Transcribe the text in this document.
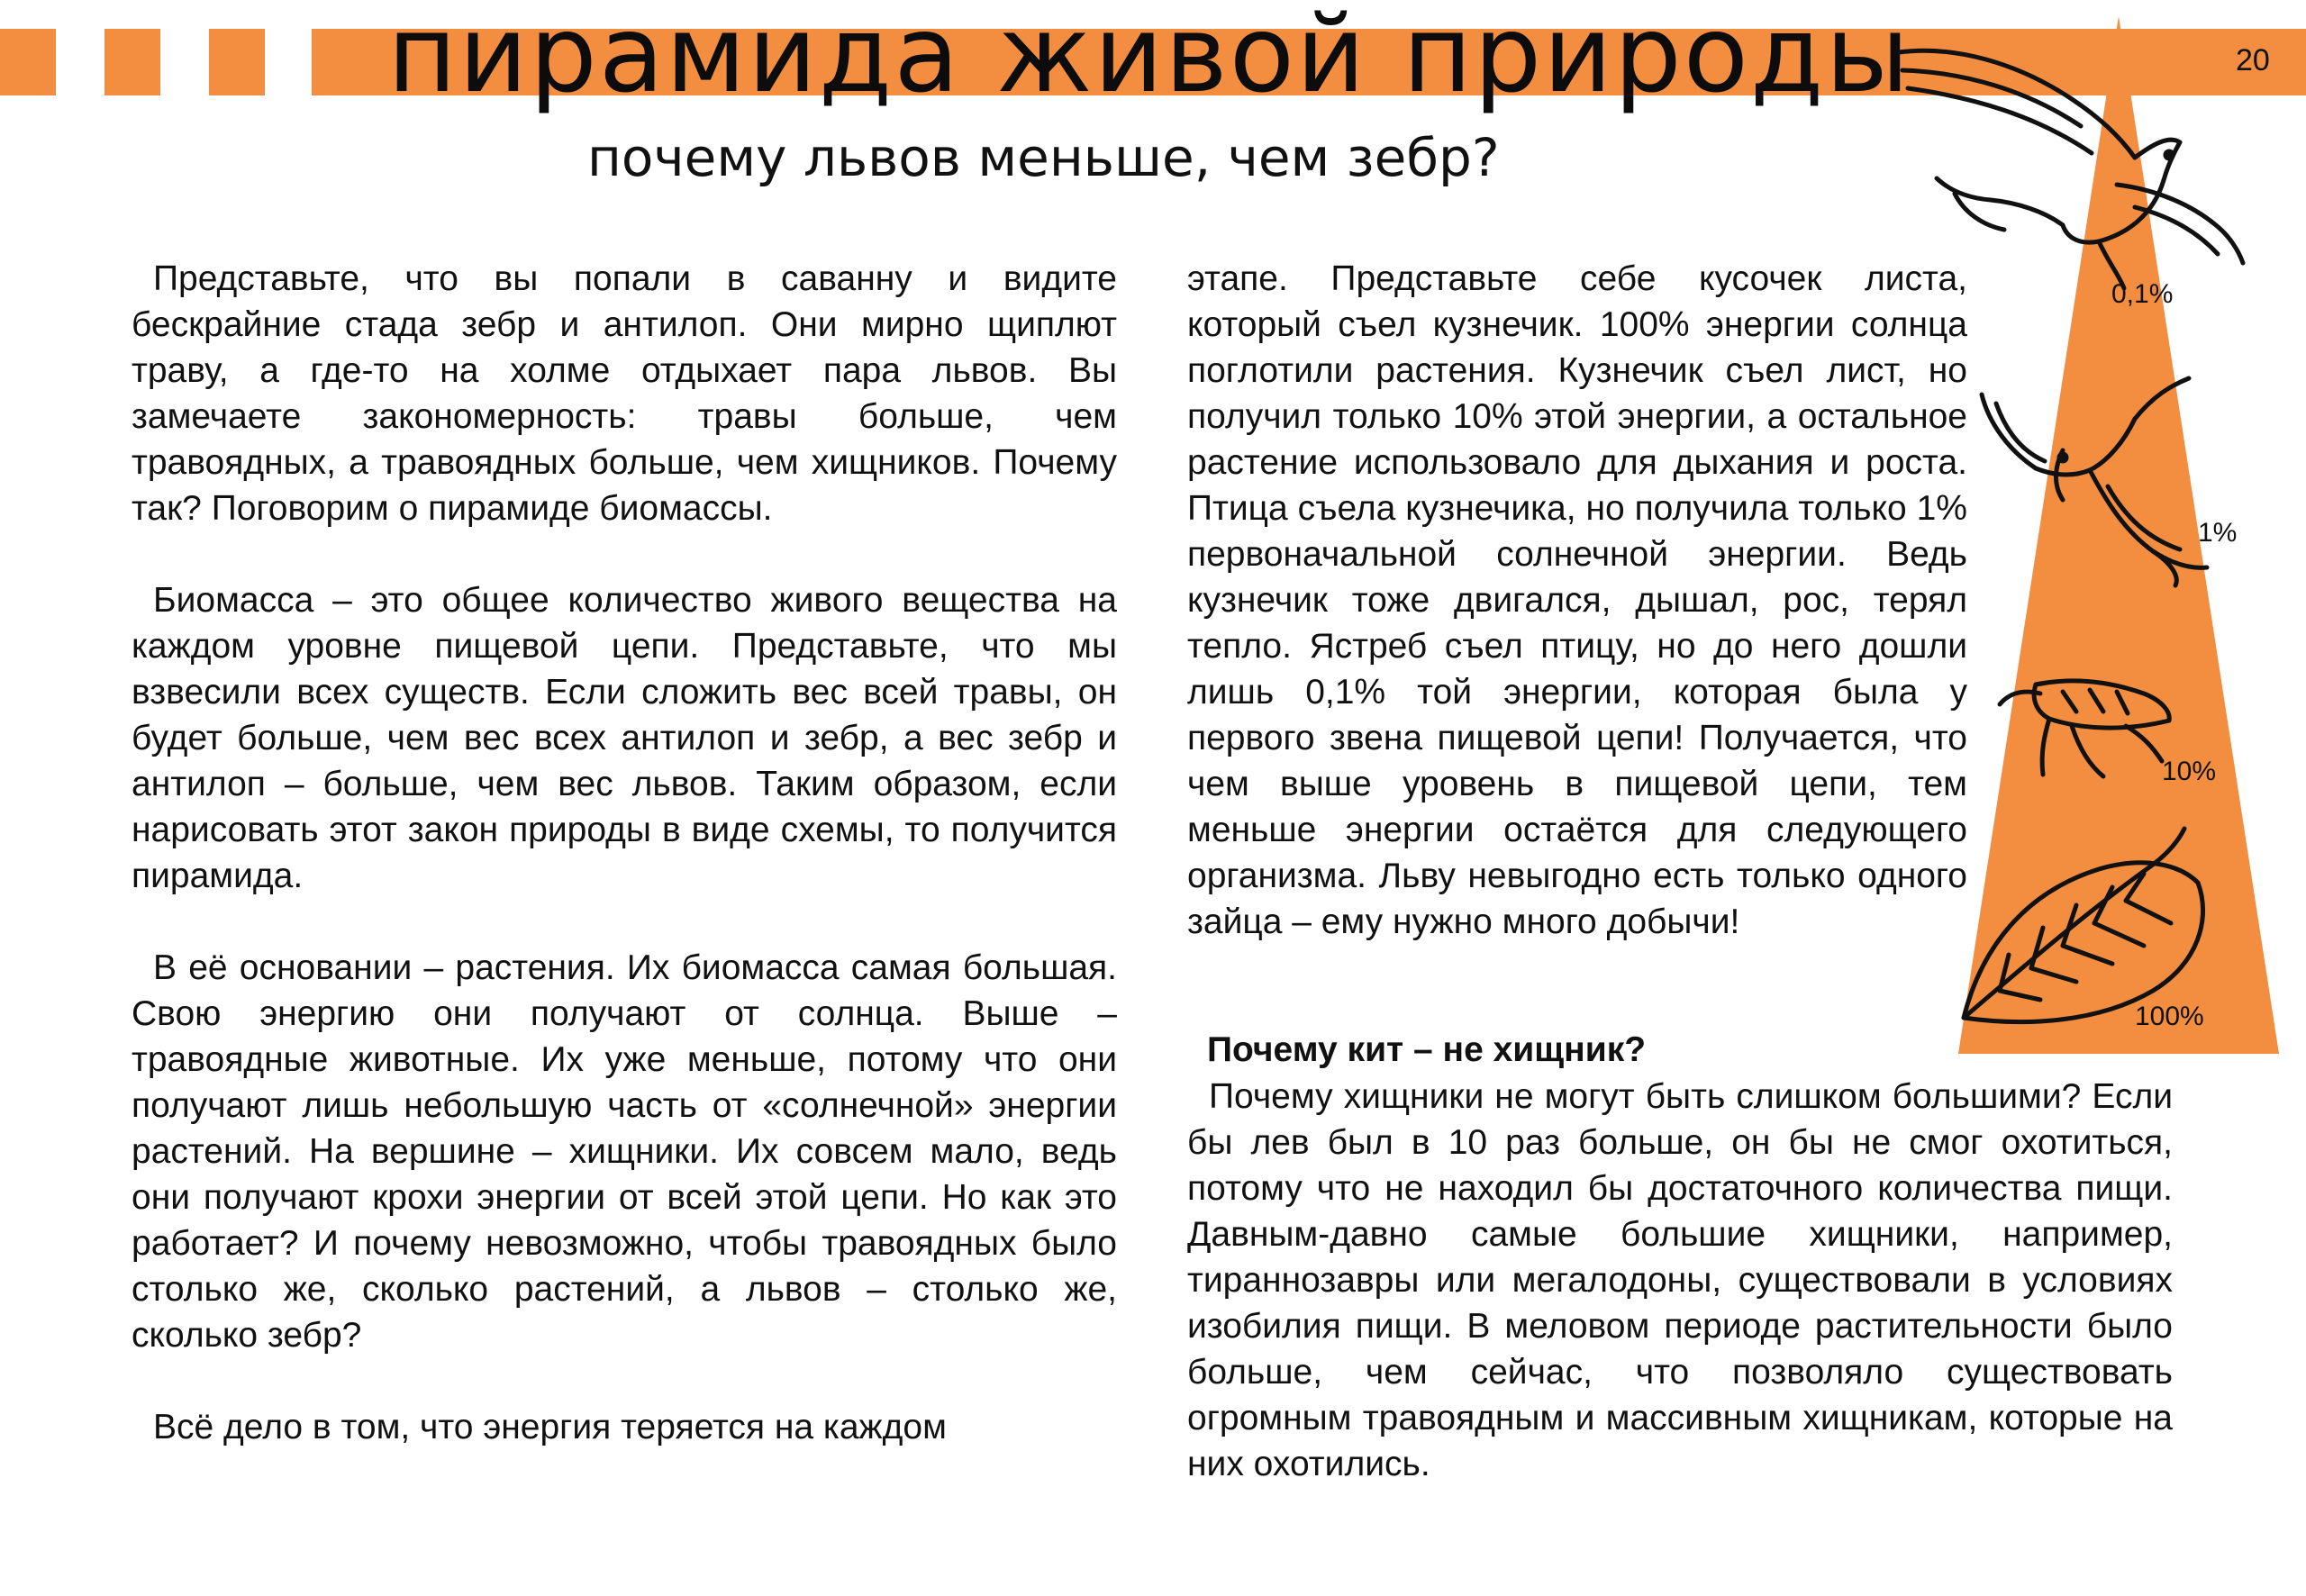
пирамида живой природы	20
почему львов меньше, чем зебр?

Представьте, что вы попали в саванну и видите бескрайние стада зебр и антилоп. Они мирно щиплют траву, а где-то на холме отдыхает пара львов. Вы замечаете закономерность: травы больше, чем травоядных, а травоядных больше, чем хищников. Почему так? Поговорим о пирамиде биомассы.

Биомасса – это общее количество живого вещества на каждом уровне пищевой цепи. Представьте, что мы взвесили всех существ. Если сложить вес всей травы, он будет больше, чем вес всех антилоп и зебр, а вес зебр и антилоп – больше, чем вес львов. Таким образом, если нарисовать этот закон природы в виде схемы, то получится пирамида.

В её основании – растения. Их биомасса самая большая. Свою энергию они получают от солнца. Выше – травоядные животные. Их уже меньше, потому что они получают лишь небольшую часть от «солнечной» энергии растений. На вершине – хищники. Их совсем мало, ведь они получают крохи энергии от всей этой цепи. Но как это работает? И почему невозможно, чтобы травоядных было столько же, сколько растений, а львов – столько же, сколько зебр?

Всё дело в том, что энергия теряется на каждом

0,1%
1%
10%
100%

этапе. Представьте себе кусочек листа, который съел кузнечик. 100% энергии солнца поглотили растения. Кузнечик съел лист, но получил только 10% этой энергии, а остальное растение использовало для дыхания и роста. Птица съела кузнечика, но получила только 1% первоначальной солнечной энергии. Ведь кузнечик тоже двигался, дышал, рос, терял тепло. Ястреб съел птицу, но до него дошли лишь 0,1% той энергии, которая была у первого звена пищевой цепи! Получается, что чем выше уровень в пищевой цепи, тем меньше энергии остаётся для следующего организма. Льву невыгодно есть только одного зайца – ему нужно много добычи!

Почему кит – не хищник?

Почему хищники не могут быть слишком большими? Если бы лев был в 10 раз больше, он бы не смог охотиться, потому что не находил бы достаточного количества пищи. Давным-давно самые большие хищники, например, тираннозавры или мегалодоны, существовали в условиях изобилия пищи. В меловом периоде растительности было больше, чем сейчас, что позволяло существовать огромным травоядным и массивным хищникам, которые на них охотились.
